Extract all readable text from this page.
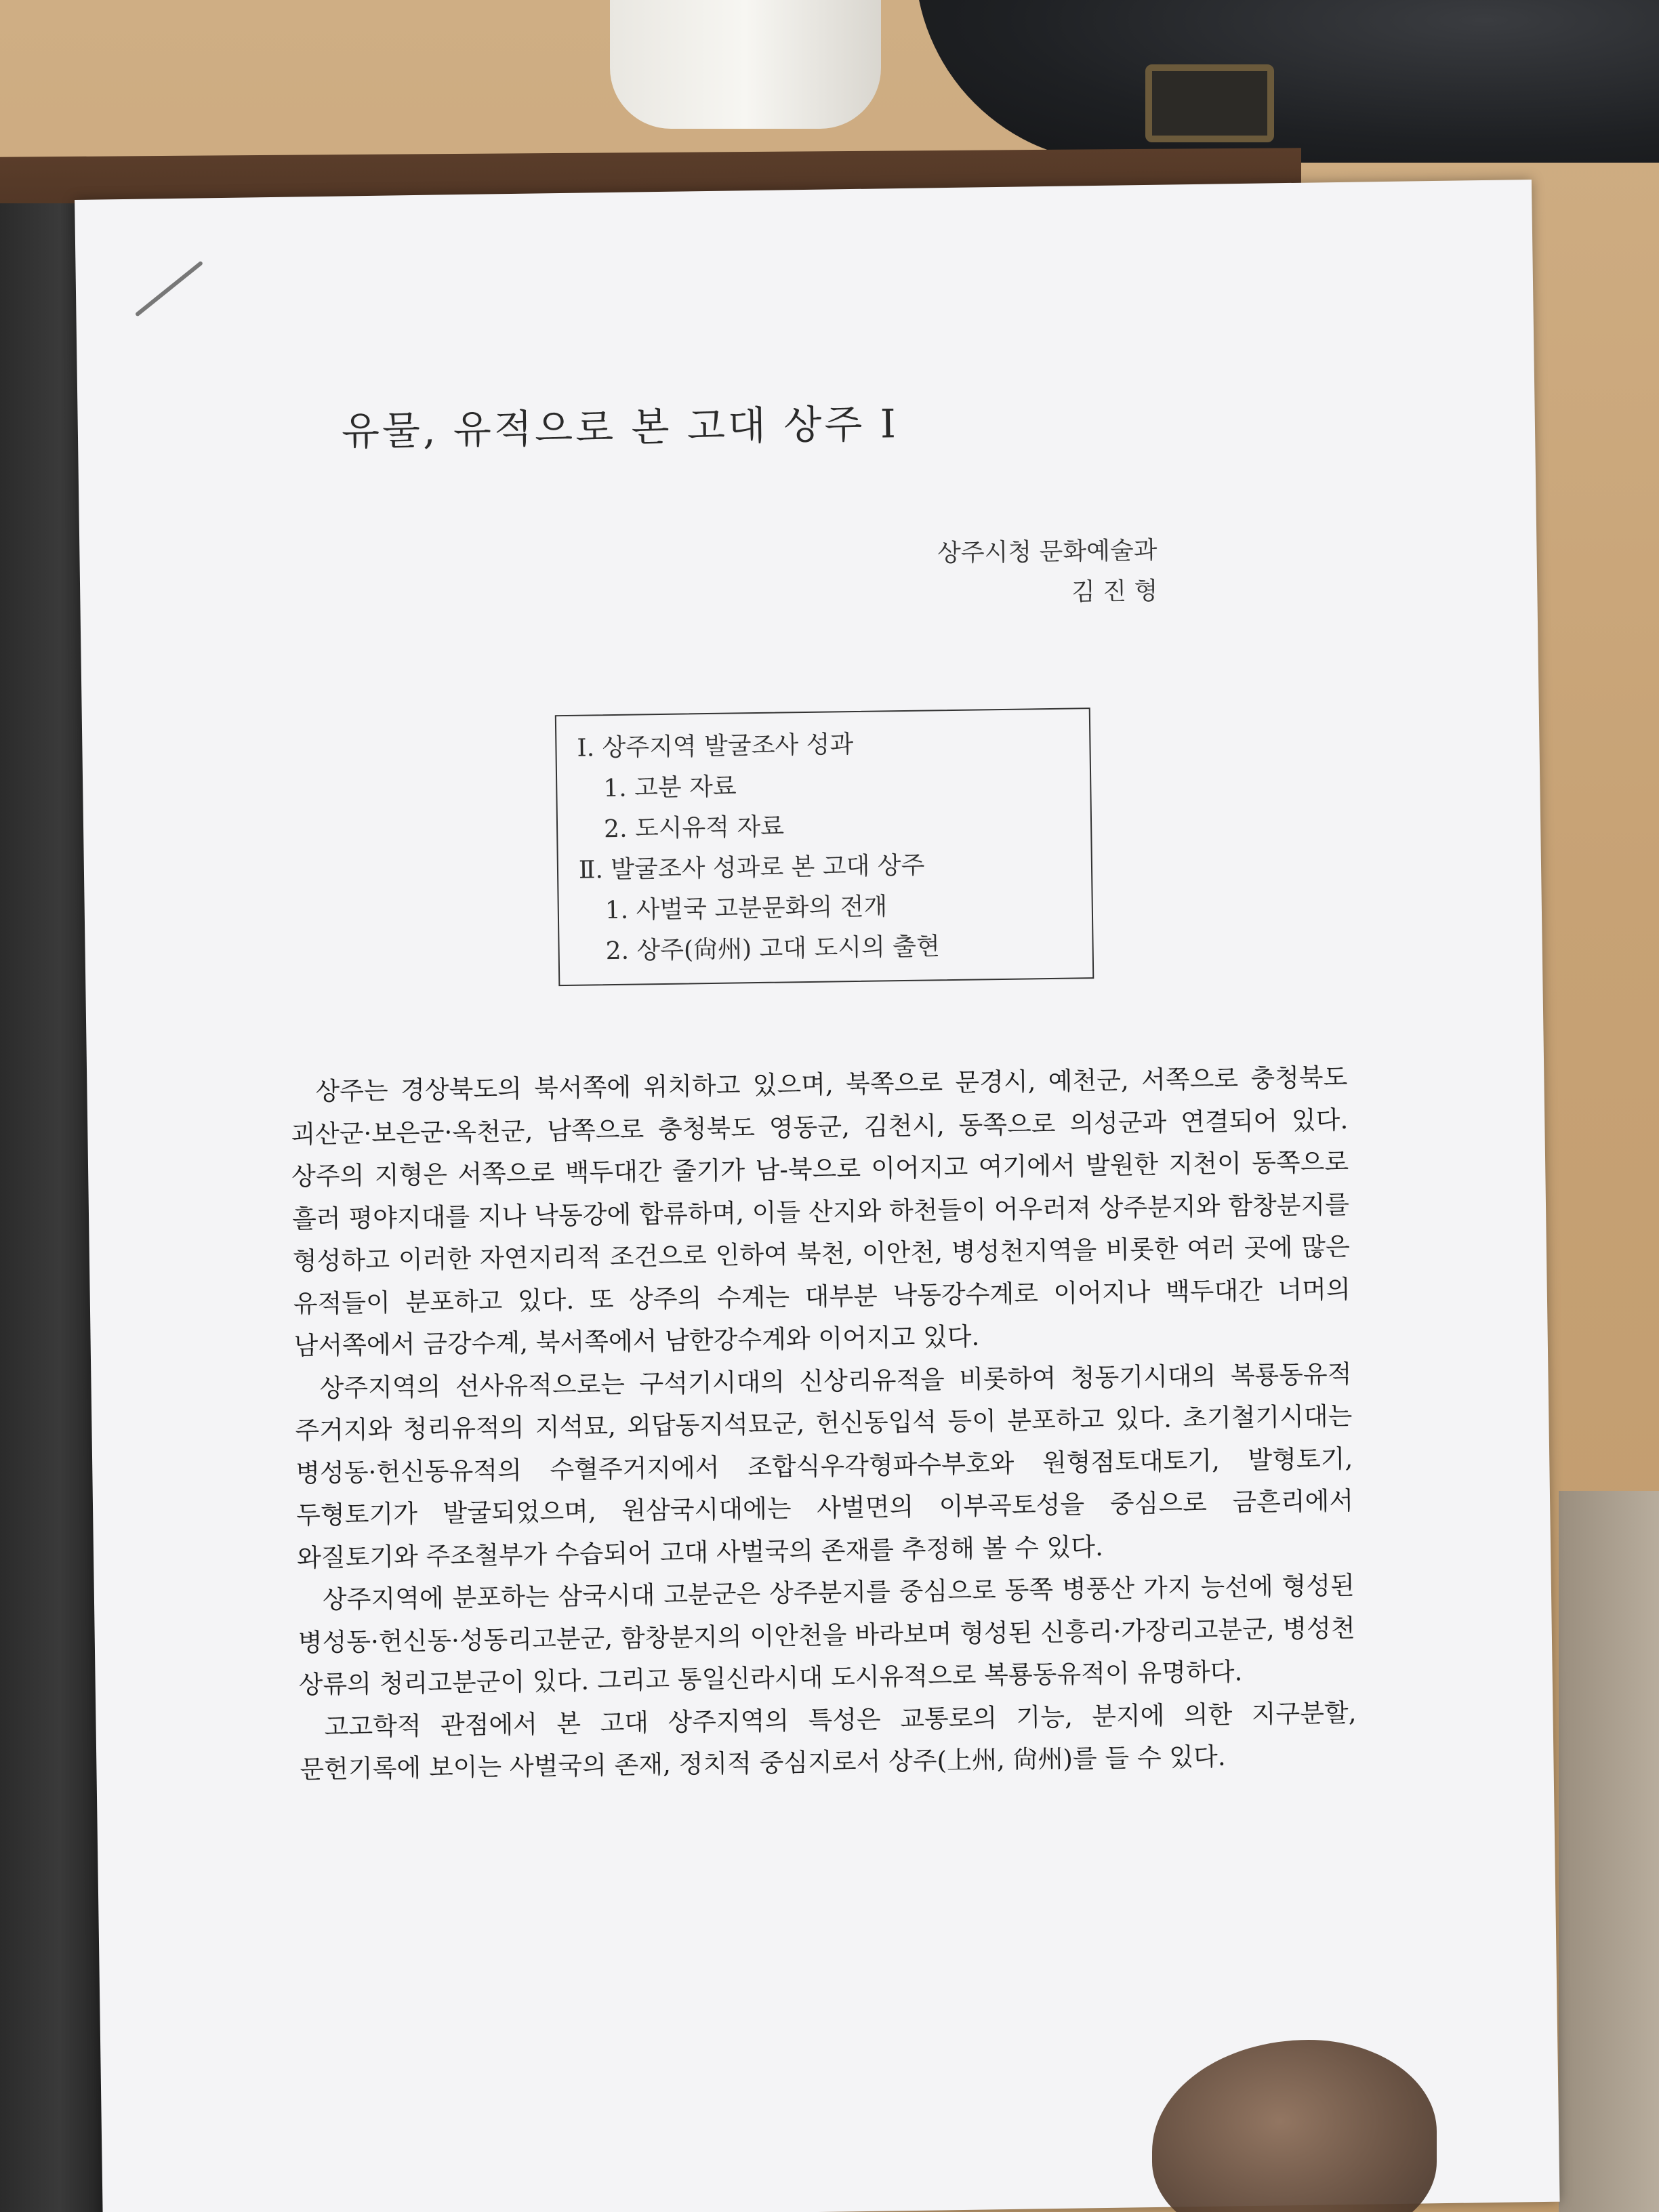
유물, 유적으로 본 고대 상주 Ⅰ
상주시청 문화예술과
김 진 형
Ⅰ. 상주지역 발굴조사 성과
1. 고분 자료
2. 도시유적 자료
Ⅱ. 발굴조사 성과로 본 고대 상주
1. 사벌국 고분문화의 전개
2. 상주(尙州) 고대 도시의 출현

상주는 경상북도의 북서쪽에 위치하고 있으며, 북쪽으로 문경시, 예천군, 서쪽으로 충청북도 괴산군·보은군·옥천군, 남쪽으로 충청북도 영동군, 김천시, 동쪽으로 의성군과 연결되어 있다. 상주의 지형은 서쪽으로 백두대간 줄기가 남-북으로 이어지고 여기에서 발원한 지천이 동쪽으로 흘러 평야지대를 지나 낙동강에 합류하며, 이들 산지와 하천들이 어우러져 상주분지와 함창분지를 형성하고 이러한 자연지리적 조건으로 인하여 북천, 이안천, 병성천지역을 비롯한 여러 곳에 많은 유적들이 분포하고 있다. 또 상주의 수계는 대부분 낙동강수계로 이어지나 백두대간 너머의 남서쪽에서 금강수계, 북서쪽에서 남한강수계와 이어지고 있다.

상주지역의 선사유적으로는 구석기시대의 신상리유적을 비롯하여 청동기시대의 복룡동유적 주거지와 청리유적의 지석묘, 외답동지석묘군, 헌신동입석 등이 분포하고 있다. 초기철기시대는 병성동·헌신동유적의 수혈주거지에서 조합식우각형파수부호와 원형점토대토기, 발형토기, 두형토기가 발굴되었으며, 원삼국시대에는 사벌면의 이부곡토성을 중심으로 금흔리에서 와질토기와 주조철부가 수습되어 고대 사벌국의 존재를 추정해 볼 수 있다.

상주지역에 분포하는 삼국시대 고분군은 상주분지를 중심으로 동쪽 병풍산 가지 능선에 형성된 병성동·헌신동·성동리고분군, 함창분지의 이안천을 바라보며 형성된 신흥리·가장리고분군, 병성천 상류의 청리고분군이 있다. 그리고 통일신라시대 도시유적으로 복룡동유적이 유명하다.

고고학적 관점에서 본 고대 상주지역의 특성은 교통로의 기능, 분지에 의한 지구분할, 문헌기록에 보이는 사벌국의 존재, 정치적 중심지로서 상주(上州, 尙州)를 들 수 있다.
